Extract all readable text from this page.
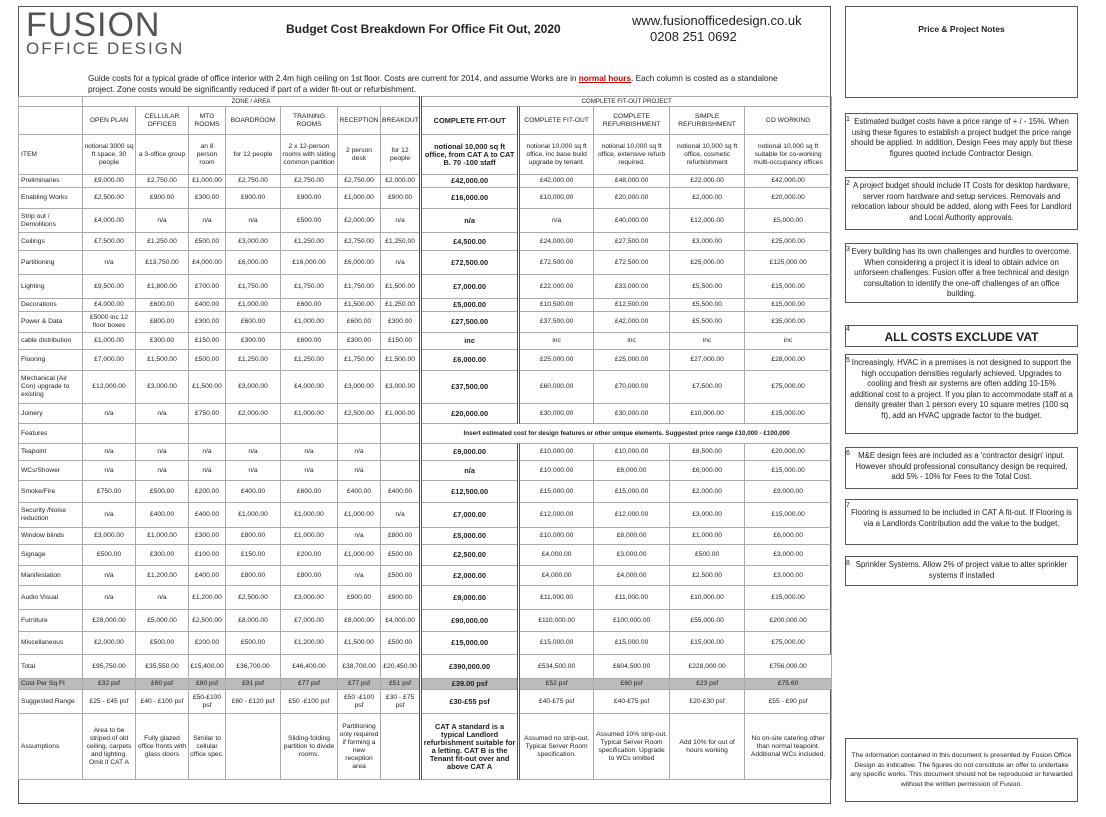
FUSION
OFFICE DESIGN
Budget Cost Breakdown For Office Fit Out, 2020
www.fusionofficedesign.co.uk
0208 251 0692
Guide costs for a typical grade of office interior with 2.4m high ceiling on 1st floor. Costs are current for 2014, and assume Works are in normal hours. Each column is costed as a standalone project. Zone costs would be significantly reduced if part of a wider fit-out or refurbishment.
	ZONE / AREA							COMPLETE FIT-OUT PROJECT				
	OPEN PLAN	CELLULAR OFFICES	MTG ROOMS	BOARDROOM	TRAINING ROOMS	RECEPTION	BREAKOUT	COMPLETE FIT-OUT	COMPLETE FIT-OUT	COMPLETE REFURBISHMENT	SIMPLE REFURBISHMENT	CO WORKING
ITEM	notional 3000 sq ft space, 30 people	a 3-office group	an 8 person room	for 12 people	2 x 12-person rooms with sliding common partition	2 person desk	for 12 people	notional 10,000 sq ft office, from CAT A to CAT B. 70 -100 staff	notional 10,000 sq ft office, inc base build upgrade by tenant.	notional 10,000 sq ft office, extensive refurb required.	notional 10,000 sq ft office, cosmetic refurbishment	notional 10,000 sq ft suitable for co-working multi-occupancy offices
Preliminaries	£9,000.00	£2,750.00	£1,000.00	£2,750.00	£2,750.00	£2,750.00	£2,000.00	£42,000.00	£42,000.00	£48,000.00	£22,000.00	£42,000.00
Enabling Works	£2,500.00	£900.00	£300.00	£900.00	£900.00	£1,000.00	£900.00	£16,000.00	£10,000.00	£20,000.00	£2,000.00	£20,000.00
Strip out / Demolitions	£4,000.00	n/a	n/a	n/a	£500.00	£2,000.00	n/a	n/a	n/a	£40,000.00	£12,000.00	£5,000.00
Ceilings	£7,500.00	£1,250.00	£500.00	£3,000.00	£1,250.00	£2,750.00	£1,250.00	£4,500.00	£24,000.00	£27,500.00	£3,000.00	£25,000.00
Partitioning	n/a	£13,750.00	£4,000.00	£6,000.00	£16,000.00	£6,000.00	n/a	£72,500.00	£72,500.00	£72,500.00	£25,000.00	£125,000.00
Lighting	£9,500.00	£1,800.00	£700.00	£1,750.00	£1,750.00	£1,750.00	£1,500.00	£7,000.00	£22,000.00	£33,000.00	£5,500.00	£15,000.00
Decorations	£4,000.00	£600.00	£400.00	£1,000.00	£600.00	£1,500.00	£1,250.00	£5,000.00	£10,500.00	£12,500.00	£5,500.00	£15,000.00
Power & Data	£5000 inc 12 floor boxes	£800.00	£300.00	£600.00	£1,000.00	£600.00	£300.00	£27,500.00	£37,500.00	£42,000.00	£5,500.00	£35,000.00
cable distribution	£1,000.00	£300.00	£150.00	£300.00	£600.00	£300.00	£150.00	inc	inc	inc	inc	inc
Flooring	£7,000.00	£1,500.00	£500.00	£1,250.00	£1,250.00	£1,750.00	£1,500.00	£6,000.00	£25,000.00	£25,000.00	£27,000.00	£28,000.00
Mechanical (Air Con) upgrade to existing	£12,000.00	£3,000.00	£1,500.00	£3,000.00	£4,000.00	£3,000.00	£3,000.00	£37,500.00	£60,000.00	£70,000.00	£7,500.00	£75,000.00
Joinery	n/a	n/a	£750.00	£2,000.00	£1,000.00	£2,500.00	£1,000.00	£20,000.00	£30,000.00	£30,000.00	£10,000.00	£15,000.00
Features								Insert estimated cost for design features or other unique elements. Suggested price range £10,000 - £100,000				
Teapoint	n/a	n/a	n/a	n/a	n/a	n/a		£9,000.00	£10,000.00	£10,000.00	£8,500.00	£20,000.00
WCs/Shower	n/a	n/a	n/a	n/a	n/a	n/a		n/a	£10,000.00	£6,000.00	£6,000.00	£15,000.00
Smoke/Fire	£750.00	£500.00	£200.00	£400.00	£600.00	£400.00	£400.00	£12,500.00	£15,000.00	£15,000.00	£2,000.00	£9,000.00
Security /Noise reduction	n/a	£400.00	£400.00	£1,000.00	£1,000.00	£1,000.00	n/a	£7,000.00	£12,000.00	£12,000.00	£3,000.00	£15,000.00
Window blinds	£3,000.00	£1,000.00	£300.00	£800.00	£1,000.00	n/a	£800.00	£5,000.00	£10,000.00	£8,000.00	£1,000.00	£6,000.00
Signage	£500.00	£300.00	£100.00	£150.00	£200.00	£1,000.00	£500.00	£2,500.00	£4,000.00	£3,000.00	£500.00	£3,000.00
Manifestation	n/a	£1,200.00	£400.00	£800.00	£800.00	n/a	£500.00	£2,000.00	£4,000.00	£4,000.00	£2,500.00	£3,000.00
Audio Visual	n/a	n/a	£1,200.00	£2,500.00	£3,000.00	£900.00	£900.00	£9,000.00	£11,000.00	£11,000.00	£10,000.00	£15,000.00
Furniture	£28,000.00	£5,000.00	£2,500.00	£8,000.00	£7,000.00	£8,000.00	£4,000.00	£90,000.00	£110,000.00	£100,000.00	£55,000.00	£200,000.00
Miscellaneous	£2,000.00	£500.00	£200.00	£500.00	£1,200.00	£1,500.00	£500.00	£15,000.00	£15,000.00	£15,000.00	£15,000.00	£75,000.00
Total	£95,750.00	£35,550.00	£15,400.00	£36,700.00	£46,400.00	£38,700.00	£20,450.00	£390,000.00	£534,500.00	£604,500.00	£228,000.00	£756,000.00
Cost Per Sq Ft	£32 psf	£60 psf	£80 psf	£91 psf	£77 psf	£77 psf	£51 psf	£39.00 psf	£52 psf	£60 psf	£23 psf	£75.60
Suggested Range	£25 - £45 psf	£40 - £100 psf	£50-£100 psf	£60 - £120 psf	£50 -£100 psf	£50 -£100 psf	£30 - £75 psf	£30-£55 psf	£40-£75 psf	£40-£75 psf	£20-£30 psf	£55 - £90 psf
Assumptions	Area to be striped of old ceiling, carpets and lighting. Omit if CAT A	Fully glazed office fronts with glass doors	Similar to cellular office spec.		Sliding-folding partition to divide rooms.	Partitioning only required if forming a new reception area		CAT A standard is a typical Landlord refurbishment suitable for a letting. CAT B is the Tenant fit-out over and above CAT A	Assumed no strip-out. Typical Server Room specification.	Assumed 10% strip-out. Typical Server Room specification. Upgrade to WCs omitted	Add 10% for out of hours working	No on-site catering other than normal teapoint. Additional WCs included.
Price & Project Notes
1 Estimated budget costs have a price range of + / - 15%. When using these figures to establish a project budget the price range should be applied. In addition, Design Fees may apply but these figures quoted include Contractor Design.
2 A project budget should include IT Costs for desktop hardware, server room hardware and setup services. Removals and relocation labour should be added, along with Fees for Landlord and Local Authority approvals.
3 Every building has its own challenges and hurdles to overcome. When considering a project it is ideal to obtain advice on unforseen challenges. Fusion offer a free technical and design consultation to identify the one-off challenges of an office building.
4
ALL COSTS EXCLUDE VAT
5 Increasingly, HVAC in a premises is not designed to support the high occupation densities regularly achieved. Upgrades to cooling and fresh air systems are often adding 10-15% additional cost to a project. If you plan to accommodate staff at a density greater than 1 person every 10 square metres (100 sq ft), add an HVAC upgrade factor to the budget.
6	M&E design fees are included as a 'contractor design' input. However should professional consultancy design be required, add 5% - 10% for Fees to the Total Cost.
7
Flooring is assumed to be included in CAT A fit-out. If Flooring is via a Landlords Contribution add the value to the budget.
8 Sprinkler Systems. Allow 2% of project value to alter sprinkler systems if installed
The information contained in this document is presented by Fusion Office Design as indicative. The figures do not constitute an offer to undertake any specific works. This document should not be reproduced or forwarded without the written permission of Fusion.
